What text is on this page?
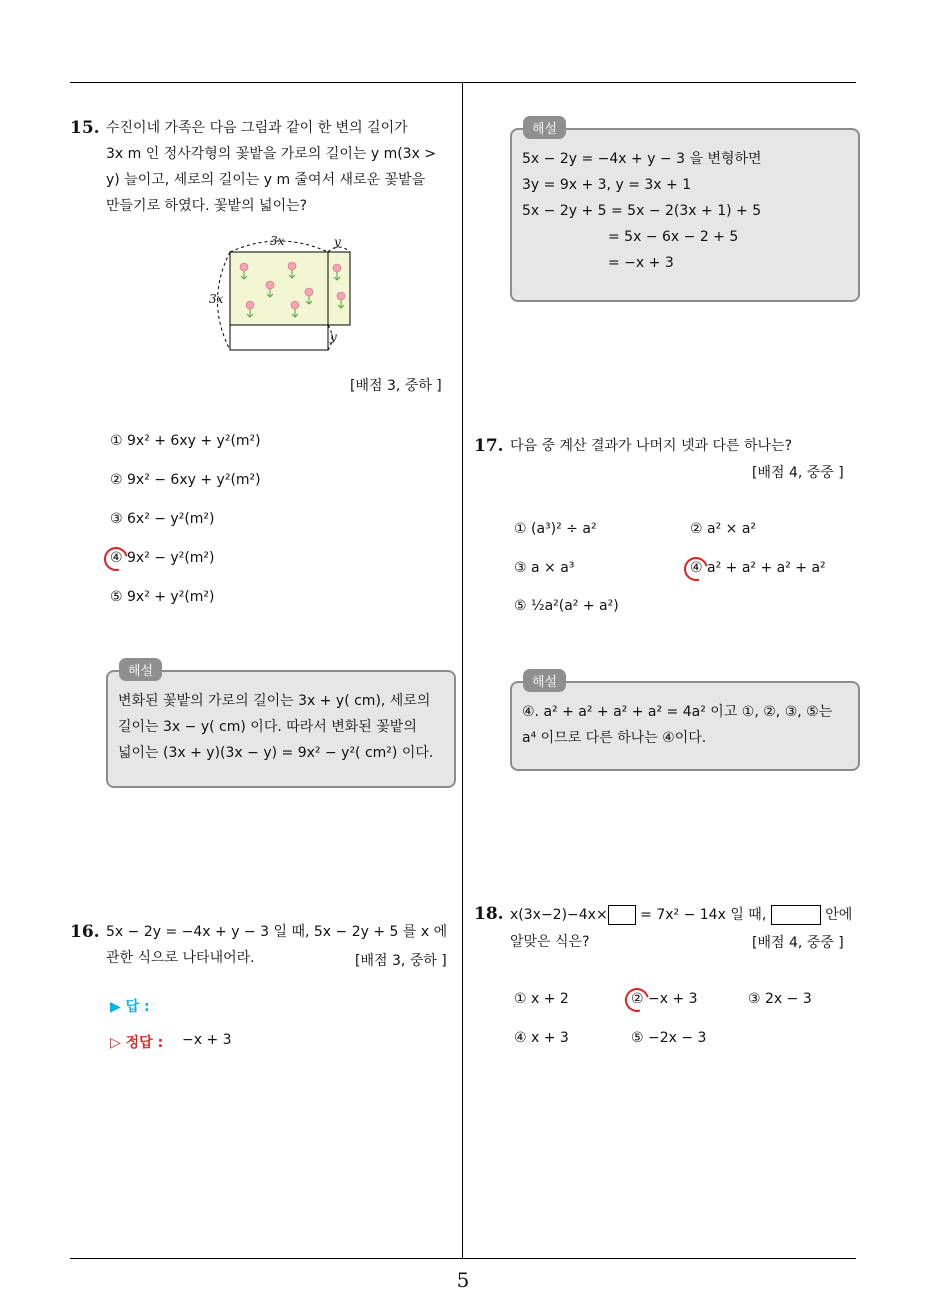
5
15. 수진이네 가족은 다음 그림과 같이 한 변의 길이가
3x m 인 정사각형의 꽃밭을 가로의 길이는 y m(3x >
y) 늘이고, 세로의 길이는 y m 줄여서 새로운 꽃밭을
만들기로 하였다. 꽃밭의 넓이는?
3x	y
3x
y
[배점 3, 중하 ]
① 9x² + 6xy + y²(m²)
② 9x² − 6xy + y²(m²)
③ 6x² − y²(m²)
④ 9x² − y²(m²)
⑤ 9x² + y²(m²)
해설
변화된 꽃밭의 가로의 길이는 3x + y( cm), 세로의
길이는 3x − y( cm) 이다. 따라서 변화된 꽃밭의
넓이는 (3x + y)(3x − y) = 9x² − y²( cm²) 이다.
16. 5x − 2y = −4x + y − 3 일 때, 5x − 2y + 5 를 x 에
관한 식으로 나타내어라.	[배점 3, 중하 ]
▶ 답 :
▷ 정답 : −x + 3
해설
5x − 2y = −4x + y − 3 을 변형하면
3y = 9x + 3, y = 3x + 1
5x − 2y + 5 = 5x − 2(3x + 1) + 5
= 5x − 6x − 2 + 5
= −x + 3
17. 다음 중 계산 결과가 나머지 넷과 다른 하나는?
[배점 4, 중중 ]
① (a³)² ÷ a²	② a² × a²
③ a × a³	④ a² + a² + a² + a²
⑤ ½a²(a² + a²)
해설
④. a² + a² + a² + a² = 4a² 이고 ①, ②, ③, ⑤는
a⁴ 이므로 다른 하나는 ④이다.
18. x(3x−2)−4x× = 7x² − 14x 일 때,	안에
알맞은 식은?	[배점 4, 중중 ]
① x + 2	② −x + 3	③ 2x − 3
④ x + 3	⑤ −2x − 3
